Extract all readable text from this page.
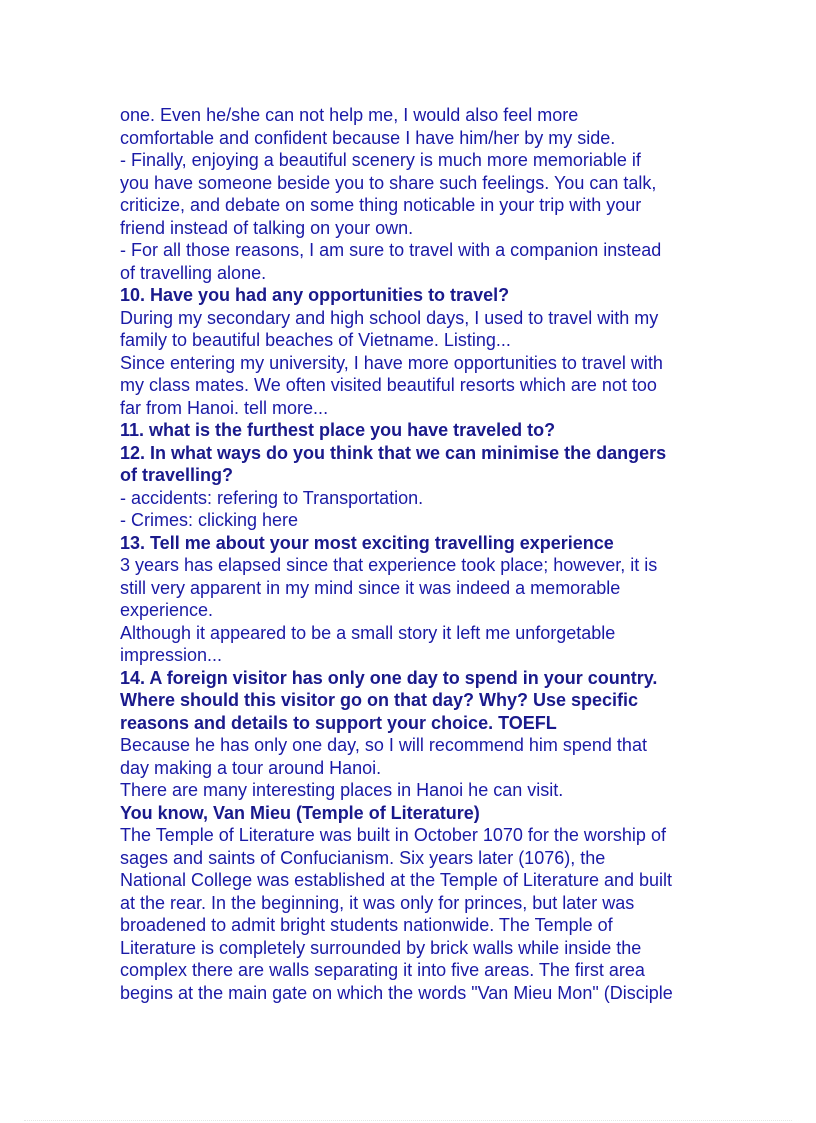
one. Even he/she can not help me, I would also feel more
comfortable and confident because I have him/her by my side.
- Finally, enjoying a beautiful scenery is much more memoriable if
you have someone beside you to share such feelings. You can talk,
criticize, and debate on some thing noticable in your trip with your
friend instead of talking on your own.
- For all those reasons, I am sure to travel with a companion instead
of travelling alone.
10. Have you had any opportunities to travel?
During my secondary and high school days, I used to travel with my
family to beautiful beaches of Vietname. Listing...
Since entering my university, I have more opportunities to travel with
my class mates. We often visited beautiful resorts which are not too
far from Hanoi. tell more...
11. what is the furthest place you have traveled to?
12. In what ways do you think that we can minimise the dangers
of travelling?
- accidents: refering to Transportation.
- Crimes: clicking here
13. Tell me about your most exciting travelling experience
3 years has elapsed since that experience took place; however, it is
still very apparent in my mind since it was indeed a memorable
experience.
Although it appeared to be a small story it left me unforgetable
impression...
14. A foreign visitor has only one day to spend in your country.
Where should this visitor go on that day? Why? Use specific
reasons and details to support your choice. TOEFL
Because he has only one day, so I will recommend him spend that
day making a tour around Hanoi.
There are many interesting places in Hanoi he can visit.
You know, Van Mieu (Temple of Literature)
The Temple of Literature was built in October 1070 for the worship of
sages and saints of Confucianism. Six years later (1076), the
National College was established at the Temple of Literature and built
at the rear. In the beginning, it was only for princes, but later was
broadened to admit bright students nationwide. The Temple of
Literature is completely surrounded by brick walls while inside the
complex there are walls separating it into five areas. The first area
begins at the main gate on which the words "Van Mieu Mon" (Disciple
